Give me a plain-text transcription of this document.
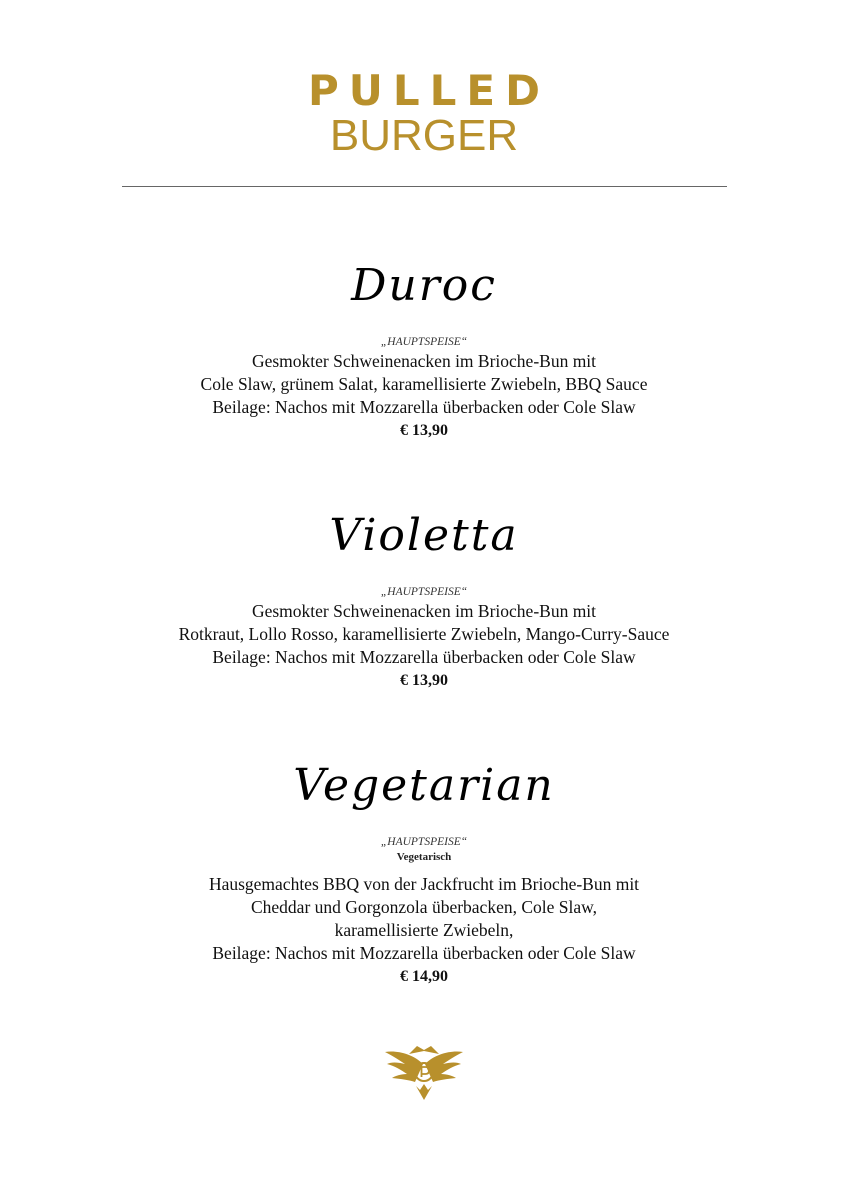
PULLED
BURGER
Duroc
„HAUPTSPEISE“
Gesmokter Schweinenacken im Brioche-Bun mit
Cole Slaw, grünem Salat, karamellisierte Zwiebeln, BBQ Sauce
Beilage: Nachos mit Mozzarella überbacken oder Cole Slaw
€ 13,90
Violetta
„HAUPTSPEISE“
Gesmokter Schweinenacken im Brioche-Bun mit
Rotkraut, Lollo Rosso, karamellisierte Zwiebeln, Mango-Curry-Sauce
Beilage: Nachos mit Mozzarella überbacken oder Cole Slaw
€ 13,90
Vegetarian
„HAUPTSPEISE“
Vegetarisch
Hausgemachtes BBQ von der Jackfrucht im Brioche-Bun mit
Cheddar und Gorgonzola überbacken, Cole Slaw,
karamellisierte Zwiebeln,
Beilage: Nachos mit Mozzarella überbacken oder Cole Slaw
€ 14,90
